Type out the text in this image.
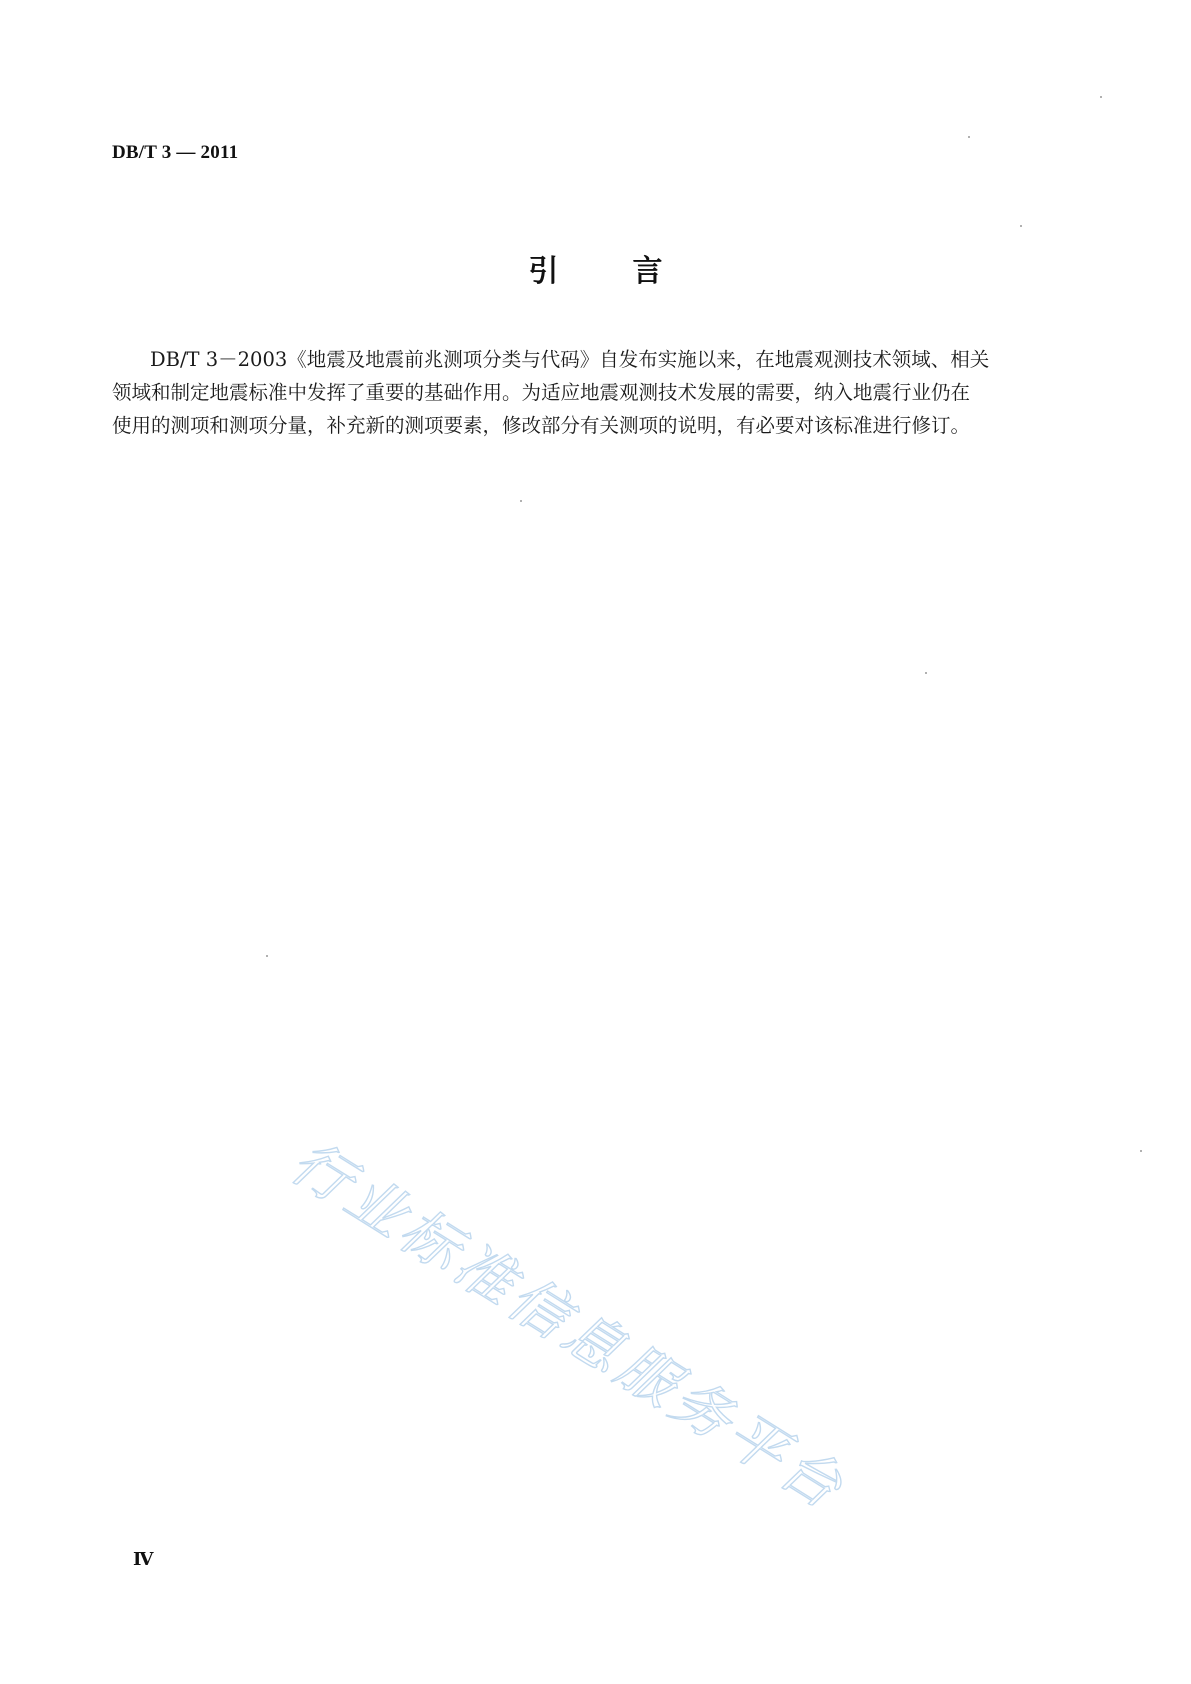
DB/T 3 — 2011
引 言
DB/T 3－2003《地震及地震前兆测项分类与代码》自发布实施以来，在地震观测技术领域、相关
领域和制定地震标准中发挥了重要的基础作用。为适应地震观测技术发展的需要，纳入地震行业仍在
使用的测项和测项分量，补充新的测项要素，修改部分有关测项的说明，有必要对该标准进行修订。
行业标准信息服务平台
Ⅳ
